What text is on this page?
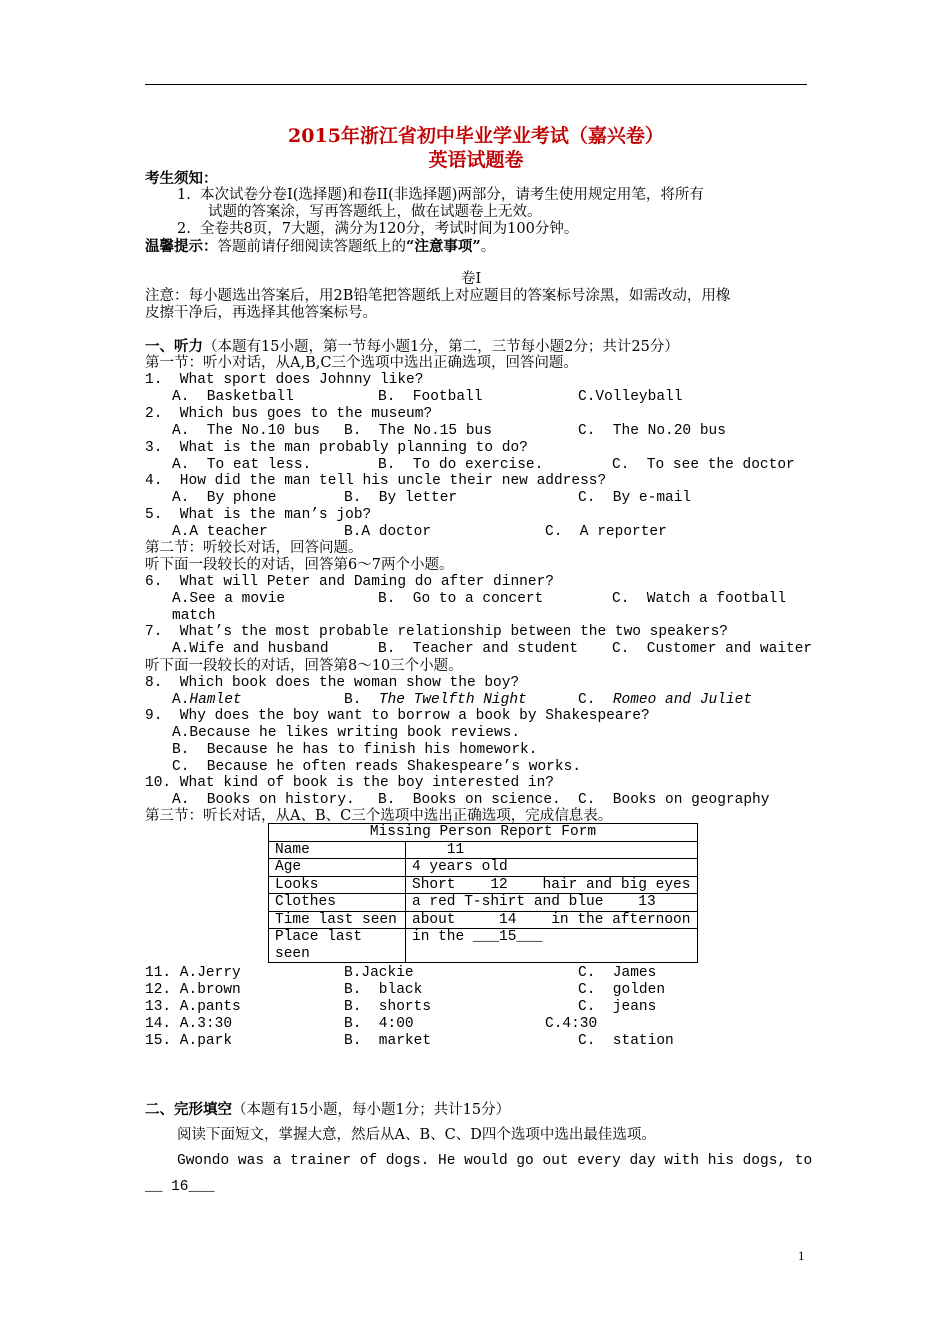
2015年浙江省初中毕业学业考试（嘉兴卷）
英语试题卷
考生须知：
1.  本次试卷分卷I(选择题)和卷II(非选择题)两部分，请考生使用规定用笔，将所有
试题的答案涂，写再答题纸上，做在试题卷上无效。
2.  全卷共8页，7大题，满分为120分，考试时间为100分钟。
温馨提示：答题前请仔细阅读答题纸上的“注意事项”。
卷I
注意：每小题选出答案后，用2B铅笔把答题纸上对应题目的答案标号涂黑，如需改动，用橡
皮擦干净后，再选择其他答案标号。
一、听力（本题有15小题，第一节每小题1分，第二，三节每小题2分；共计25分）
第一节：听小对话，从A,B,C三个选项中选出正确选项，回答问题。
1.  What sport does Johnny like?
A.  Basketball	B.  Football	C.Volleyball
2.  Which bus goes to the museum?
A.  The No.10 bus B.  The No.15 bus	C.  The No.20 bus
3.  What is the man probably planning to do?
A.  To eat less.	B.  To do exercise.	C.  To see the doctor
4.  How did the man tell his uncle their new address?
A.  By phone	B.  By letter	C.  By e-mail
5.  What is the man’s job?
A.A teacher	B.A doctor	C.  A reporter
第二节：听较长对话，回答问题。
听下面一段较长的对话，回答第6～7两个小题。
6.  What will Peter and Daming do after dinner?
A.See a movie	B.  Go to a concert	C.  Watch a football
match
7.  What’s the most probable relationship between the two speakers?
A.Wife and husband	B.  Teacher and student C.  Customer and waiter
听下面一段较长的对话，回答第8～10三个小题。
8.  Which book does the woman show the boy?
A.Hamlet	B.  The Twelfth Night	C.  Romeo and Juliet
9.  Why does the boy want to borrow a book by Shakespeare?
A.Because he likes writing book reviews.
B.  Because he has to finish his homework.
C.  Because he often reads Shakespeare’s works.
10. What kind of book is the boy interested in?
A.  Books on history. B.  Books on science. C.  Books on geography
第三节：听长对话，从A、B、C三个选项中选出正确选项，完成信息表。
Missing Person Report Form	
Name	11
Age	4 years old
Looks	Short    12    hair and big eyes
Clothes	a red T-shirt and blue    13
Time last seen	about     14    in the afternoon
Place last seen	in the ___15___
11. A.Jerry	B.Jackie	C.  James
12. A.brown	B.  black	C.  golden
13. A.pants	B.  shorts	C.  jeans
14. A.3:30	B.  4:00	C.4:30
15. A.park	B.  market	C.  station
二、完形填空（本题有15小题，每小题1分；共计15分）
阅读下面短文，掌握大意，然后从A、B、C、D四个选项中选出最佳选项。
Gwondo was a trainer of dogs. He would go out every day with his dogs, to
__ 16___
1
